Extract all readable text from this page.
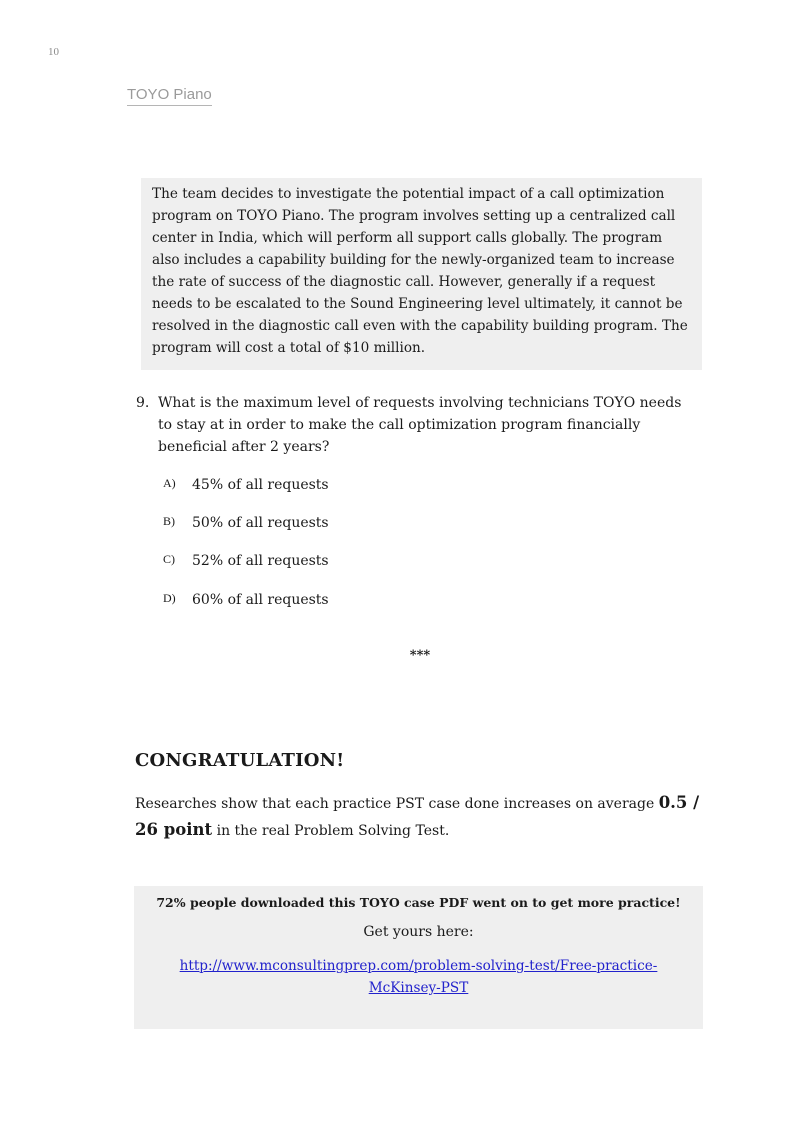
10
TOYO Piano

The team decides to investigate the potential impact of a call optimization program on TOYO Piano. The program involves setting up a centralized call center in India, which will perform all support calls globally. The program also includes a capability building for the newly-organized team to increase the rate of success of the diagnostic call. However, generally if a request needs to be escalated to the Sound Engineering level ultimately, it cannot be resolved in the diagnostic call even with the capability building program. The program will cost a total of $10 million.

9. What is the maximum level of requests involving technicians TOYO needs to stay at in order to make the call optimization program financially beneficial after 2 years?

A) 45% of all requests
B) 50% of all requests
C) 52% of all requests
D) 60% of all requests
***
CONGRATULATION!

Researches show that each practice PST case done increases on average 0.5 / 26 point in the real Problem Solving Test.

72% people downloaded this TOYO case PDF went on to get more practice!

Get yours here:

http://www.mconsultingprep.com/problem-solving-test/Free-practice-McKinsey-PST
